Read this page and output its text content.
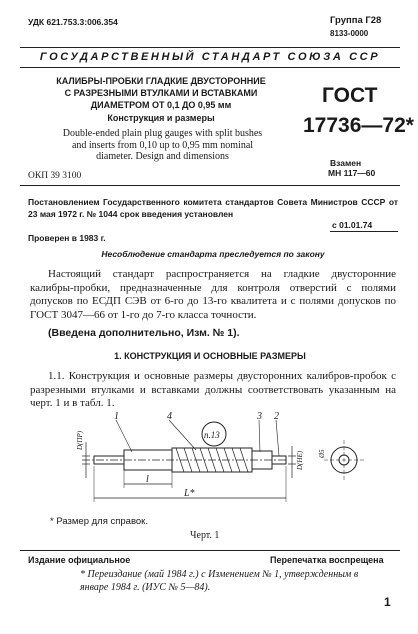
УДК 621.753.3:006.354	Группа Г28
8133-0000
ГОСУДАРСТВЕННЫЙ СТАНДАРТ СОЮЗА ССР
КАЛИБРЫ-ПРОБКИ ГЛАДКИЕ ДВУСТОРОННИЕ
С РАЗРЕЗНЫМИ ВТУЛКАМИ И ВСТАВКАМИ
ДИАМЕТРОМ ОТ 0,1 ДО 0,95 мм
Конструкция и размеры
Double-ended plain plug gauges with split bushes
and inserts from 0,10 up to 0,95 mm nominal
diameter. Design and dimensions
ГОСТ
17736—72*
Взамен
МН 117—60
ОКП 39 3100
Постановлением Государственного комитета стандартов Совета Министров СССР от 23 мая 1972 г. № 1044 срок введения установлен
с 01.01.74
Проверен в 1983 г.
Несоблюдение стандарта преследуется по закону
Настоящий стандарт распространяется на гладкие двусторонние калибры-пробки, предназначенные для контроля отверстий с полями допусков по ЕСДП СЭВ от 6-го до 13-го квалитета и с полями допусков по ГОСТ 3047—66 от 1-го до 7-го класса точности.
(Введена дополнительно, Изм. № 1).
1. КОНСТРУКЦИЯ И ОСНОВНЫЕ РАЗМЕРЫ
1.1. Конструкция и основные размеры двусторонних калибров-пробок с разрезными втулками и вставками должны соответствовать указанным на черт. 1 и в табл. 1.
1	4
п.13
3 2
D(ПР)
D(НЕ) Ø5
l
L*
* Размер для справок.
Черт. 1
Издание официальное	Перепечатка воспрещена
* Переиздание (май 1984 г.) с Изменением № 1, утвержденным в январе 1984 г. (ИУС № 5—84).
1
